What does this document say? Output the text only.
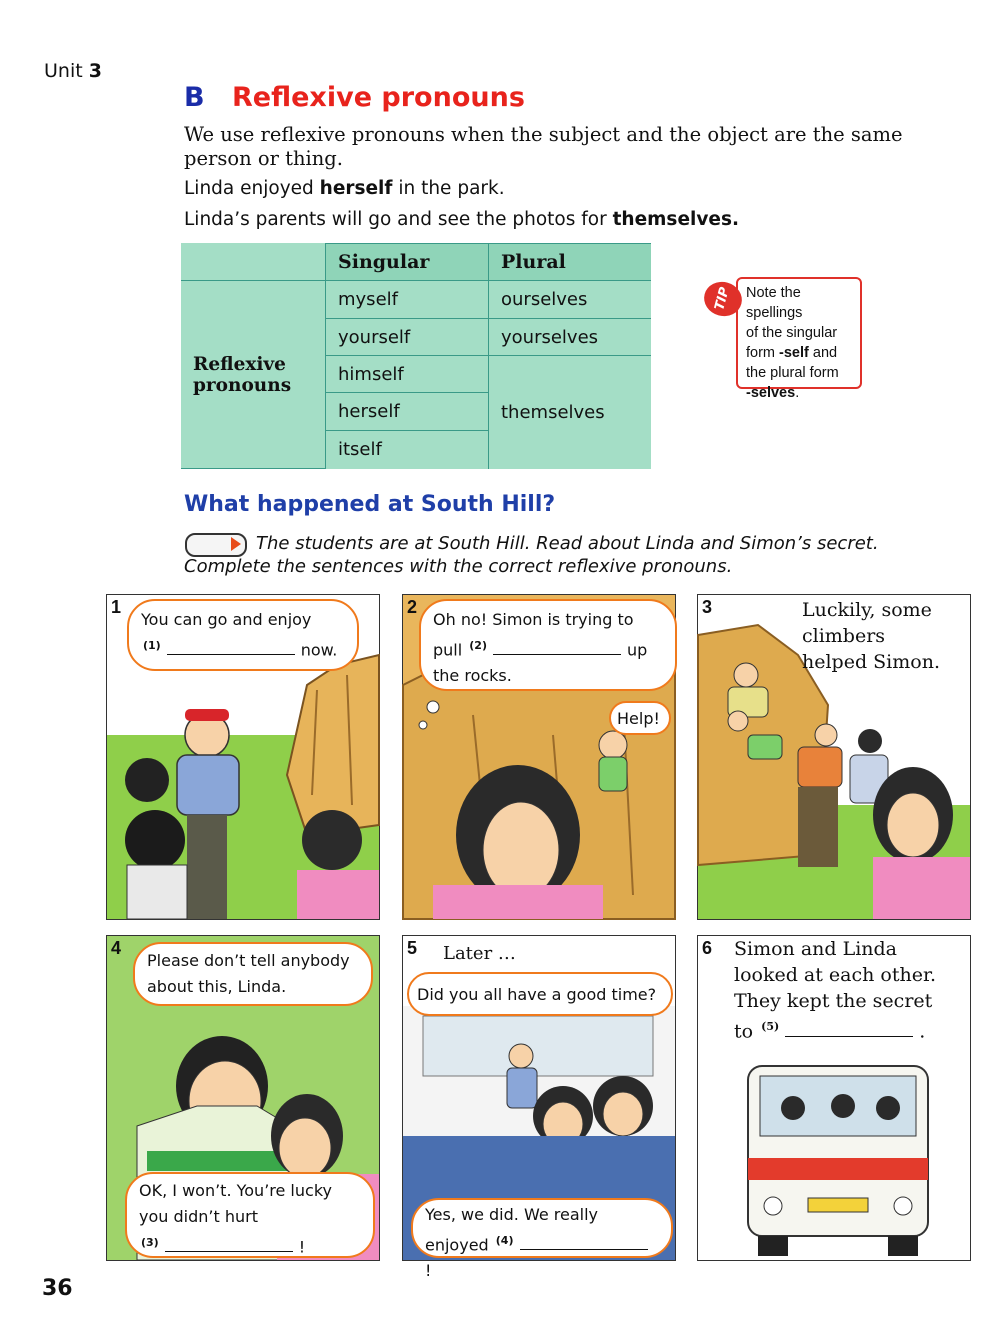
Unit 3
B Reflexive pronouns
We use reflexive pronouns when the subject and the object are the same person or thing.
Linda enjoyed herself in the park.
Linda’s parents will go and see the photos for themselves.
	Singular	Plural
Reflexive
pronouns	myself	ourselves
	yourself	yourselves
	himself	themselves
	herself	
	itself	
TIP Note the spellings
of the singular
form -self and
the plural form
-selves.
What happened at South Hill?
The students are at South Hill. Read about Linda and Simon’s secret.
Complete the sentences with the correct reflexive pronouns.
1
You can go and enjoy
$^{(1)}$	now.
2
Oh no! Simon is trying to
pull $^{(2)}$	up
the rocks.
Help!
3	Luckily, some
climbers
helped Simon.
4
Please don’t tell anybody
about this, Linda.
OK, I won’t. You’re lucky
you didn’t hurt
$^{(3)}$	!
5 Later …
Did you all have a good time?
Yes, we did. We really
enjoyed $^{(4)}$!
6 Simon and Linda
looked at each other.
They kept the secret
to $^{(5)}$	.
36
